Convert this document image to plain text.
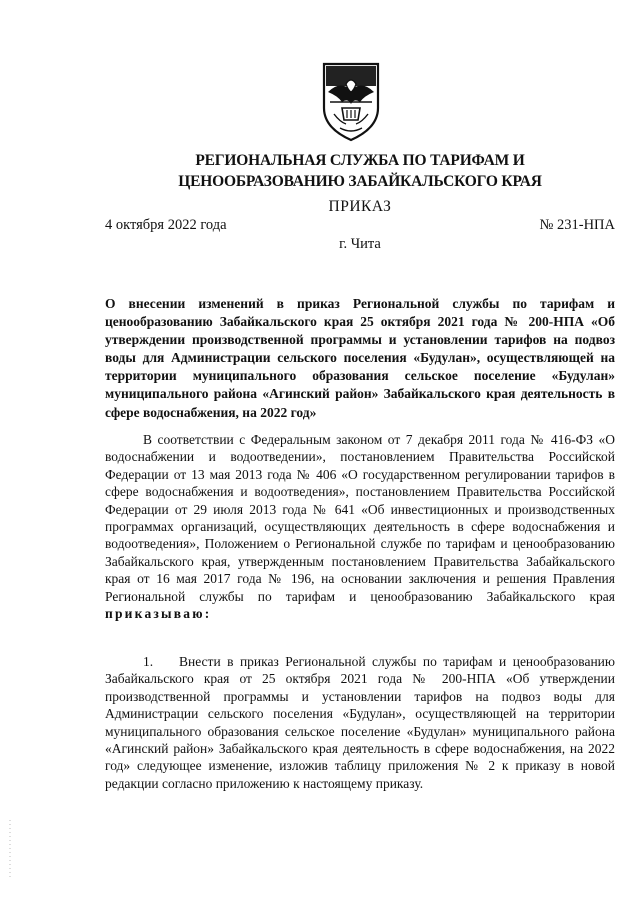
РЕГИОНАЛЬНАЯ СЛУЖБА ПО ТАРИФАМ И
ЦЕНООБРАЗОВАНИЮ ЗАБАЙКАЛЬСКОГО КРАЯ
ПРИКАЗ
4 октября 2022 года	№ 231-НПА
г. Чита
О внесении изменений в приказ Региональной службы по тарифам и ценообразованию Забайкальского края 25 октября 2021 года № 200-НПА «Об утверждении производственной программы и установлении тарифов на подвоз воды для Администрации сельского поселения «Будулан», осуществляющей на территории муниципального образования сельское поселение «Будулан» муниципального района «Агинский район» Забайкальского края деятельность в сфере водоснабжения, на 2022 год»
В соответствии с Федеральным законом от 7 декабря 2011 года № 416-ФЗ «О водоснабжении и водоотведении», постановлением Правительства Российской Федерации от 13 мая 2013 года № 406 «О государственном регулировании тарифов в сфере водоснабжения и водоотведения», постановлением Правительства Российской Федерации от 29 июля 2013 года № 641 «Об инвестиционных и производственных программах организаций, осуществляющих деятельность в сфере водоснабжения и водоотведения», Положением о Региональной службе по тарифам и ценообразованию Забайкальского края, утвержденным постановлением Правительства Забайкальского края от 16 мая 2017 года № 196, на основании заключения и решения Правления Региональной службы по тарифам и ценообразованию Забайкальского края приказываю:
1. Внести в приказ Региональной службы по тарифам и ценообразованию Забайкальского края от 25 октября 2021 года № 200-НПА «Об утверждении производственной программы и установлении тарифов на подвоз воды для Администрации сельского поселения «Будулан», осуществляющей на территории муниципального образования сельское поселение «Будулан» муниципального района «Агинский район» Забайкальского края деятельность в сфере водоснабжения, на 2022 год» следующее изменение, изложив таблицу приложения № 2 к приказу в новой редакции согласно приложению к настоящему приказу.
